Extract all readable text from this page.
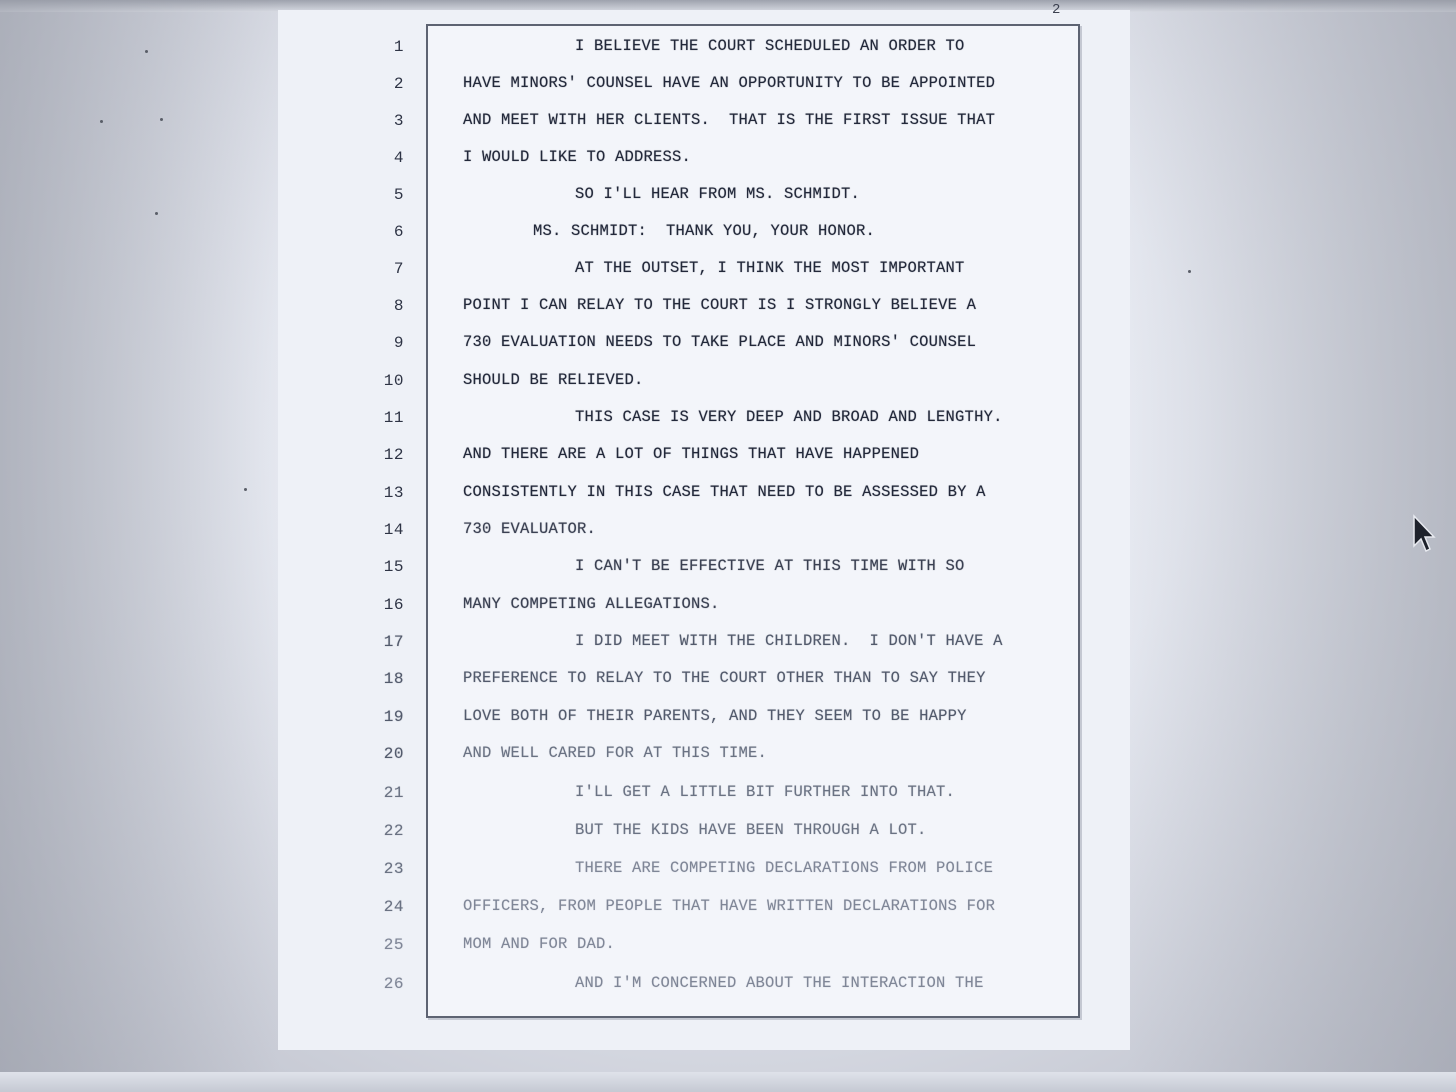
2
1
2
3
4
5
6
7
8
9
10
11
12
13
14
15
16
17
18
19
20
21
22
23
24
25
26
I BELIEVE THE COURT SCHEDULED AN ORDER TO
HAVE MINORS' COUNSEL HAVE AN OPPORTUNITY TO BE APPOINTED
AND MEET WITH HER CLIENTS.  THAT IS THE FIRST ISSUE THAT
I WOULD LIKE TO ADDRESS.
SO I'LL HEAR FROM MS. SCHMIDT.
MS. SCHMIDT:  THANK YOU, YOUR HONOR.
AT THE OUTSET, I THINK THE MOST IMPORTANT
POINT I CAN RELAY TO THE COURT IS I STRONGLY BELIEVE A
730 EVALUATION NEEDS TO TAKE PLACE AND MINORS' COUNSEL
SHOULD BE RELIEVED.
THIS CASE IS VERY DEEP AND BROAD AND LENGTHY.
AND THERE ARE A LOT OF THINGS THAT HAVE HAPPENED
CONSISTENTLY IN THIS CASE THAT NEED TO BE ASSESSED BY A
730 EVALUATOR.
I CAN'T BE EFFECTIVE AT THIS TIME WITH SO
MANY COMPETING ALLEGATIONS.
I DID MEET WITH THE CHILDREN.  I DON'T HAVE A
PREFERENCE TO RELAY TO THE COURT OTHER THAN TO SAY THEY
LOVE BOTH OF THEIR PARENTS, AND THEY SEEM TO BE HAPPY
AND WELL CARED FOR AT THIS TIME.
I'LL GET A LITTLE BIT FURTHER INTO THAT.
BUT THE KIDS HAVE BEEN THROUGH A LOT.
THERE ARE COMPETING DECLARATIONS FROM POLICE
OFFICERS, FROM PEOPLE THAT HAVE WRITTEN DECLARATIONS FOR
MOM AND FOR DAD.
AND I'M CONCERNED ABOUT THE INTERACTION THE
